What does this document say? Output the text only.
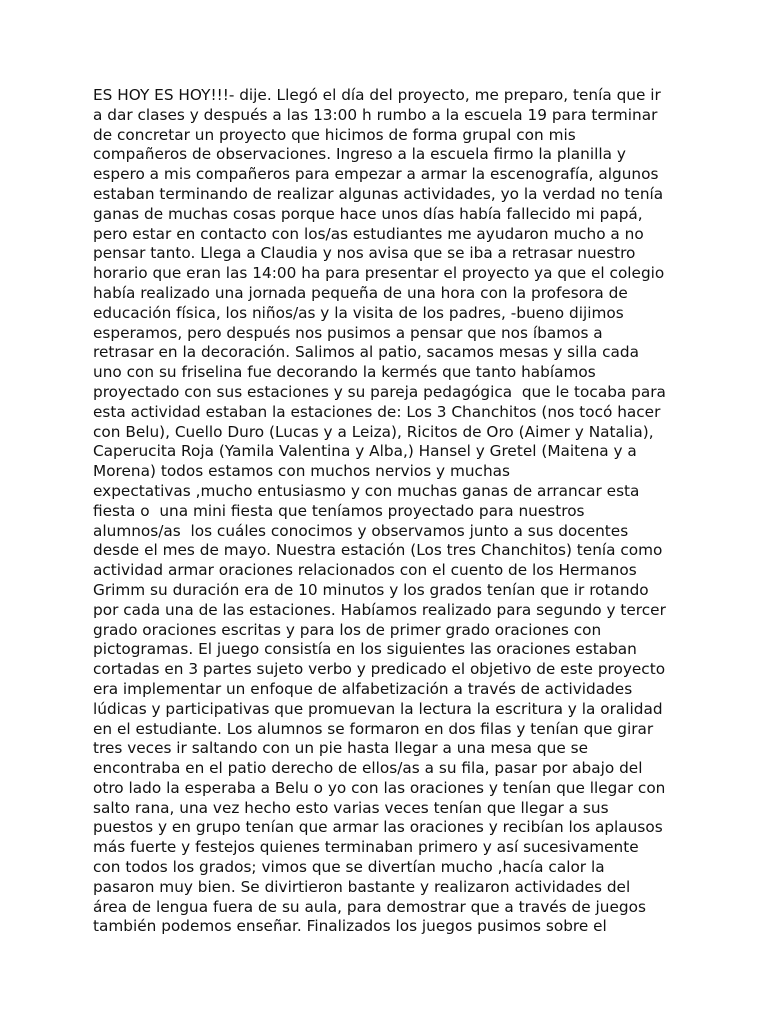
ES HOY ES HOY!!!- dije. Llegó el día del proyecto, me preparo, tenía que ir
a dar clases y después a las 13:00 h rumbo a la escuela 19 para terminar
de concretar un proyecto que hicimos de forma grupal con mis
compañeros de observaciones. Ingreso a la escuela firmo la planilla y
espero a mis compañeros para empezar a armar la escenografía, algunos
estaban terminando de realizar algunas actividades, yo la verdad no tenía
ganas de muchas cosas porque hace unos días había fallecido mi papá,
pero estar en contacto con los/as estudiantes me ayudaron mucho a no
pensar tanto. Llega a Claudia y nos avisa que se iba a retrasar nuestro
horario que eran las 14:00 ha para presentar el proyecto ya que el colegio
había realizado una jornada pequeña de una hora con la profesora de
educación física, los niños/as y la visita de los padres, -bueno dijimos
esperamos, pero después nos pusimos a pensar que nos íbamos a
retrasar en la decoración. Salimos al patio, sacamos mesas y silla cada
uno con su friselina fue decorando la kermés que tanto habíamos
proyectado con sus estaciones y su pareja pedagógica  que le tocaba para
esta actividad estaban la estaciones de: Los 3 Chanchitos (nos tocó hacer
con Belu), Cuello Duro (Lucas y a Leiza), Ricitos de Oro (Aimer y Natalia),
Caperucita Roja (Yamila Valentina y Alba,) Hansel y Gretel (Maitena y a
Morena) todos estamos con muchos nervios y muchas
expectativas ,mucho entusiasmo y con muchas ganas de arrancar esta
fiesta o  una mini fiesta que teníamos proyectado para nuestros
alumnos/as  los cuáles conocimos y observamos junto a sus docentes
desde el mes de mayo. Nuestra estación (Los tres Chanchitos) tenía como
actividad armar oraciones relacionados con el cuento de los Hermanos
Grimm su duración era de 10 minutos y los grados tenían que ir rotando
por cada una de las estaciones. Habíamos realizado para segundo y tercer
grado oraciones escritas y para los de primer grado oraciones con
pictogramas. El juego consistía en los siguientes las oraciones estaban
cortadas en 3 partes sujeto verbo y predicado el objetivo de este proyecto
era implementar un enfoque de alfabetización a través de actividades
lúdicas y participativas que promuevan la lectura la escritura y la oralidad
en el estudiante. Los alumnos se formaron en dos filas y tenían que girar
tres veces ir saltando con un pie hasta llegar a una mesa que se
encontraba en el patio derecho de ellos/as a su fila, pasar por abajo del
otro lado la esperaba a Belu o yo con las oraciones y tenían que llegar con
salto rana, una vez hecho esto varias veces tenían que llegar a sus
puestos y en grupo tenían que armar las oraciones y recibían los aplausos
más fuerte y festejos quienes terminaban primero y así sucesivamente
con todos los grados; vimos que se divertían mucho ,hacía calor la
pasaron muy bien. Se divirtieron bastante y realizaron actividades del
área de lengua fuera de su aula, para demostrar que a través de juegos
también podemos enseñar. Finalizados los juegos pusimos sobre el
